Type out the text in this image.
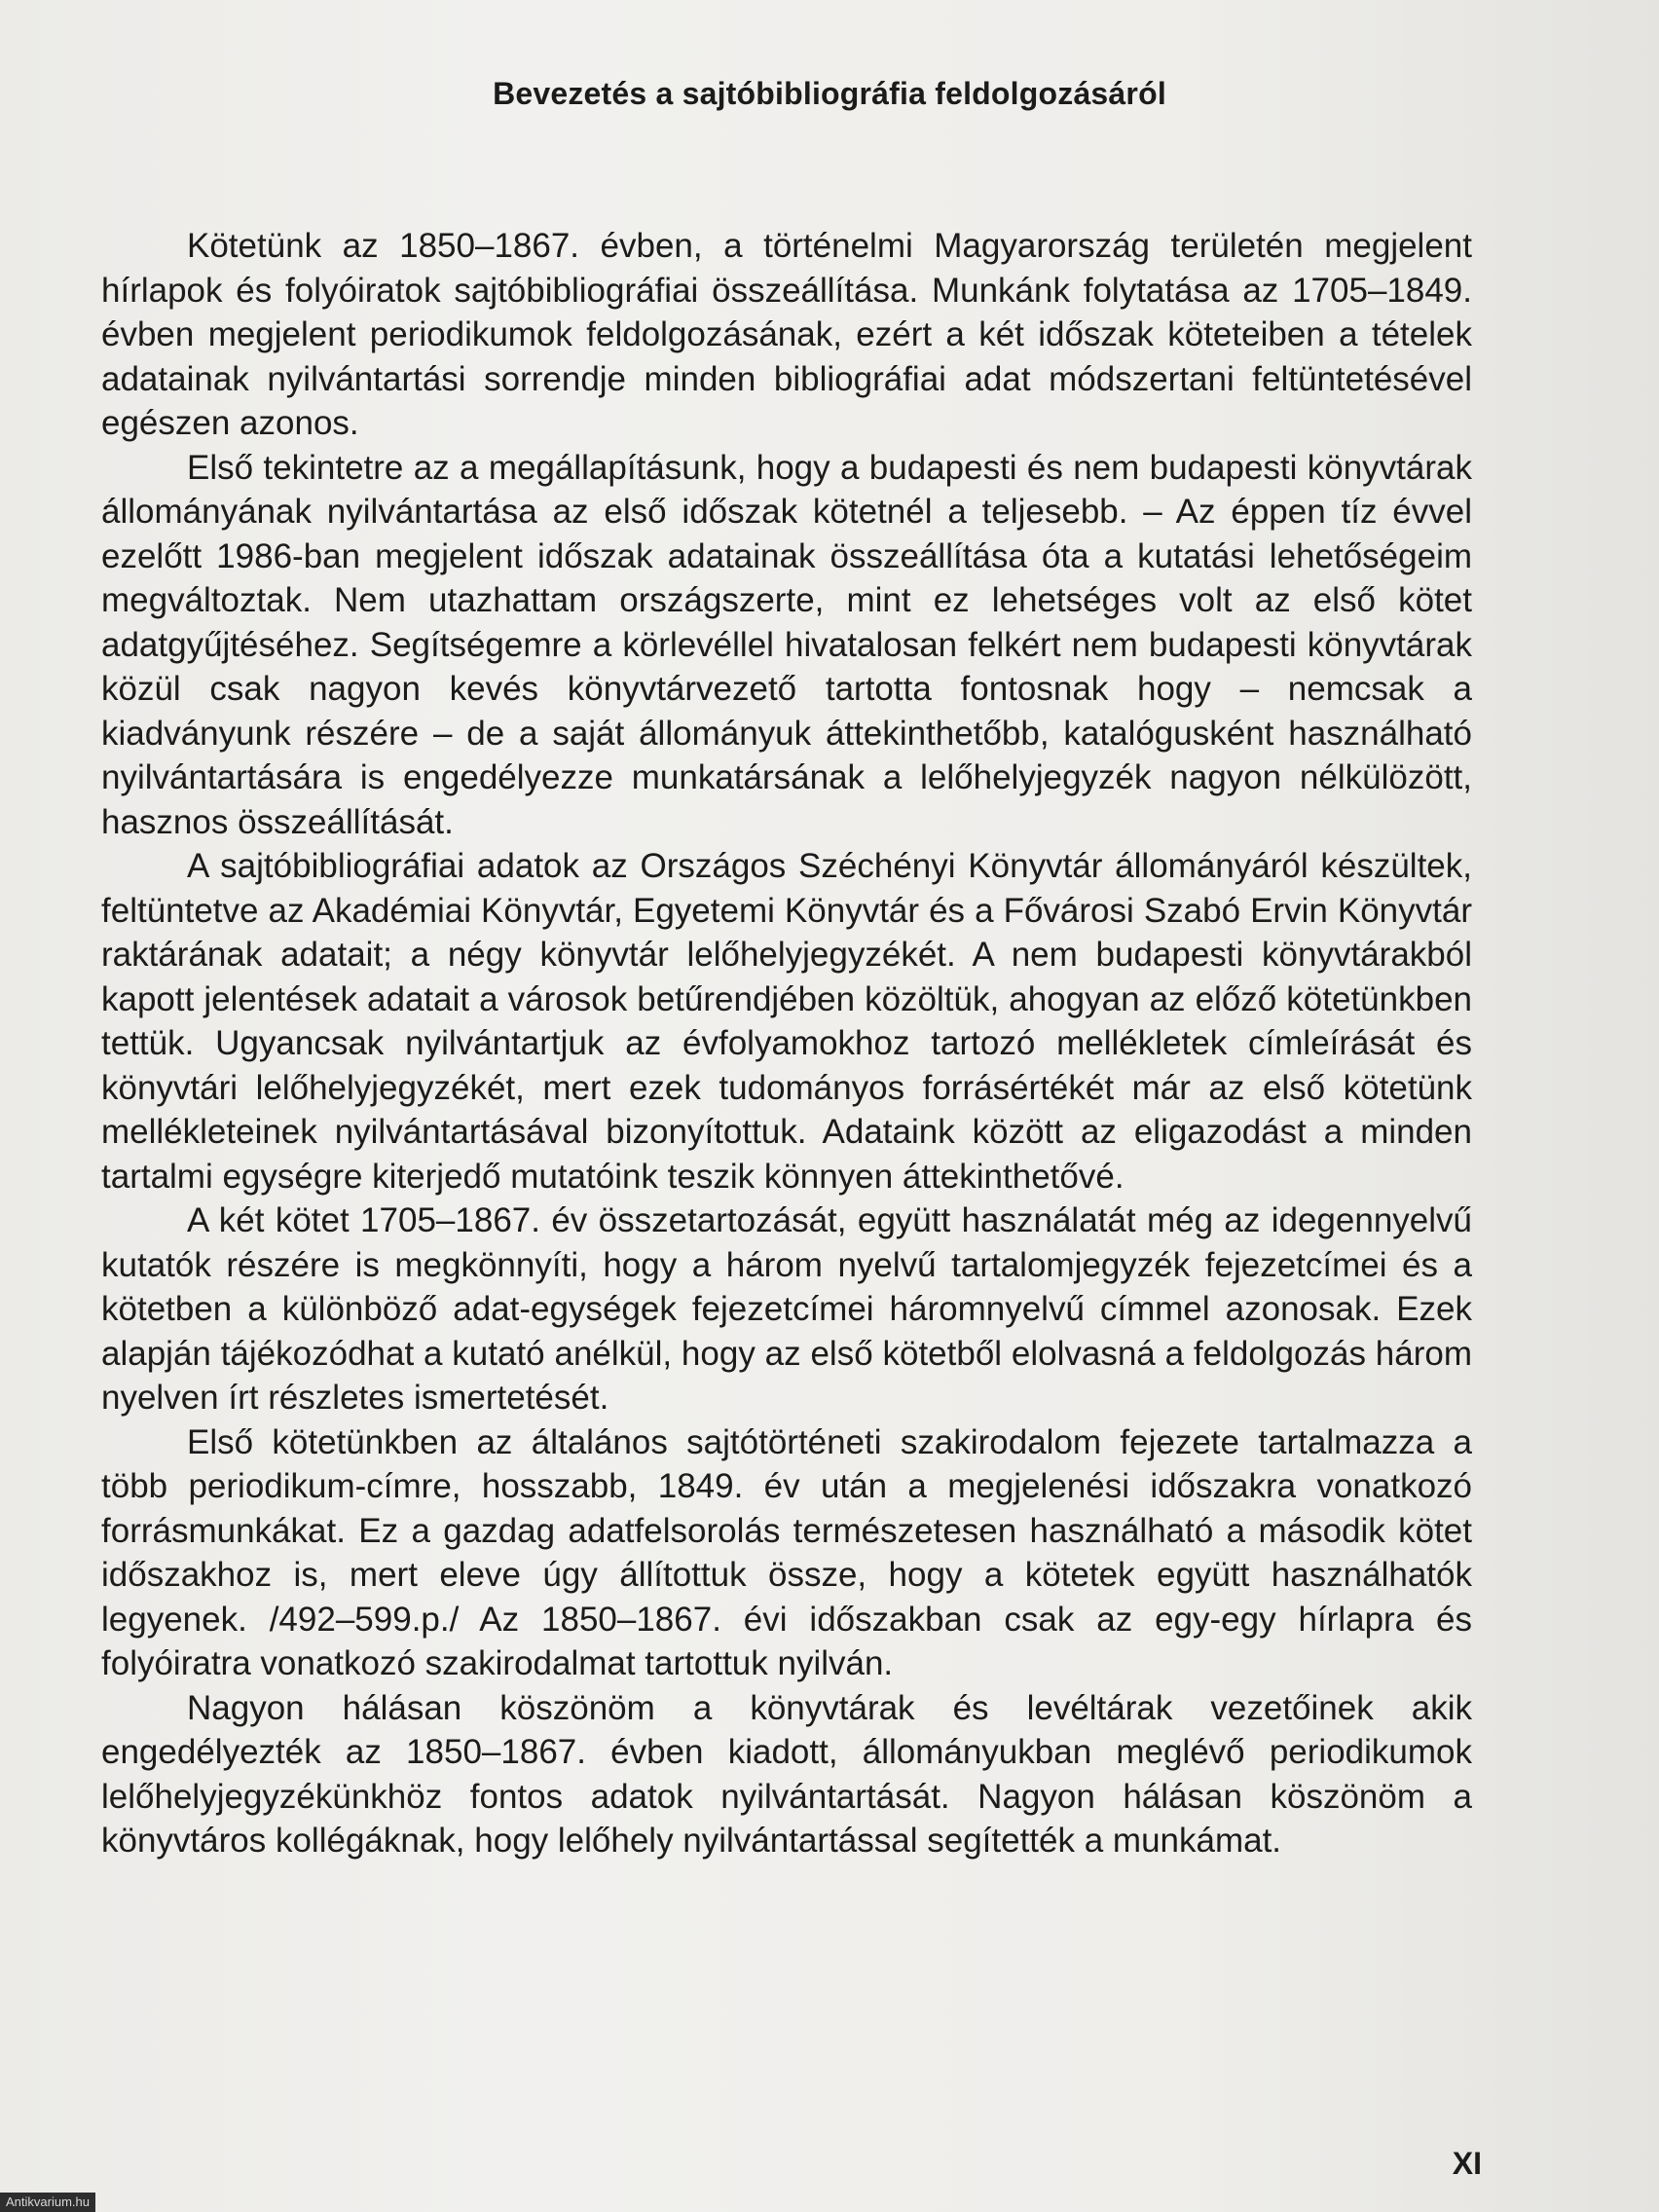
Bevezetés a sajtóbibliográfia feldolgozásáról

Kötetünk az 1850–1867. évben, a történelmi Magyarország területén megjelent hírlapok és folyóiratok sajtóbibliográfiai összeállítása. Munkánk folytatása az 1705–1849. évben megjelent periodikumok feldolgozásának, ezért a két időszak köteteiben a tételek adatainak nyilvántartási sorrendje minden bibliográfiai adat módszertani feltüntetésével egészen azonos.

Első tekintetre az a megállapításunk, hogy a budapesti és nem budapesti könyvtárak állományának nyilvántartása az első időszak kötetnél a teljesebb. – Az éppen tíz évvel ezelőtt 1986-ban megjelent időszak adatainak összeállítása óta a kutatási lehetőségeim megváltoztak. Nem utazhattam országszerte, mint ez lehetséges volt az első kötet adatgyűjtéséhez. Segítségemre a körlevéllel hivatalosan felkért nem budapesti könyvtárak közül csak nagyon kevés könyvtárvezető tartotta fontosnak hogy – nemcsak a kiadványunk részére – de a saját állományuk áttekinthetőbb, katalógusként használható nyilvántartására is engedélyezze munkatársának a lelőhelyjegyzék nagyon nélkülözött, hasznos összeállítását.

A sajtóbibliográfiai adatok az Országos Széchényi Könyvtár állományáról készültek, feltüntetve az Akadémiai Könyvtár, Egyetemi Könyvtár és a Fővárosi Szabó Ervin Könyvtár raktárának adatait; a négy könyvtár lelőhelyjegyzékét. A nem budapesti könyvtárakból kapott jelentések adatait a városok betűrendjében közöltük, ahogyan az előző kötetünkben tettük. Ugyancsak nyilvántartjuk az évfolyamokhoz tartozó mellékletek címleírását és könyvtári lelőhelyjegyzékét, mert ezek tudományos forrásértékét már az első kötetünk mellékleteinek nyilvántartásával bizonyítottuk. Adataink között az eligazodást a minden tartalmi egységre kiterjedő mutatóink teszik könnyen áttekinthetővé.

A két kötet 1705–1867. év összetartozását, együtt használatát még az idegennyelvű kutatók részére is megkönnyíti, hogy a három nyelvű tartalomjegyzék fejezetcímei és a kötetben a különböző adat-egységek fejezetcímei háromnyelvű címmel azonosak. Ezek alapján tájékozódhat a kutató anélkül, hogy az első kötetből elolvasná a feldolgozás három nyelven írt részletes ismertetését.

Első kötetünkben az általános sajtótörténeti szakirodalom fejezete tartalmazza a több periodikum-címre, hosszabb, 1849. év után a megjelenési időszakra vonatkozó forrásmunkákat. Ez a gazdag adatfelsorolás természetesen használható a második kötet időszakhoz is, mert eleve úgy állítottuk össze, hogy a kötetek együtt használhatók legyenek. /492–599.p./ Az 1850–1867. évi időszakban csak az egy-egy hírlapra és folyóiratra vonatkozó szakirodalmat tartottuk nyilván.

Nagyon hálásan köszönöm a könyvtárak és levéltárak vezetőinek akik engedélyezték az 1850–1867. évben kiadott, állományukban meglévő periodikumok lelőhelyjegyzékünkhöz fontos adatok nyilvántartását. Nagyon hálásan köszönöm a könyvtáros kollégáknak, hogy lelőhely nyilvántartással segítették a munkámat.

XI
Antikvarium.hu
